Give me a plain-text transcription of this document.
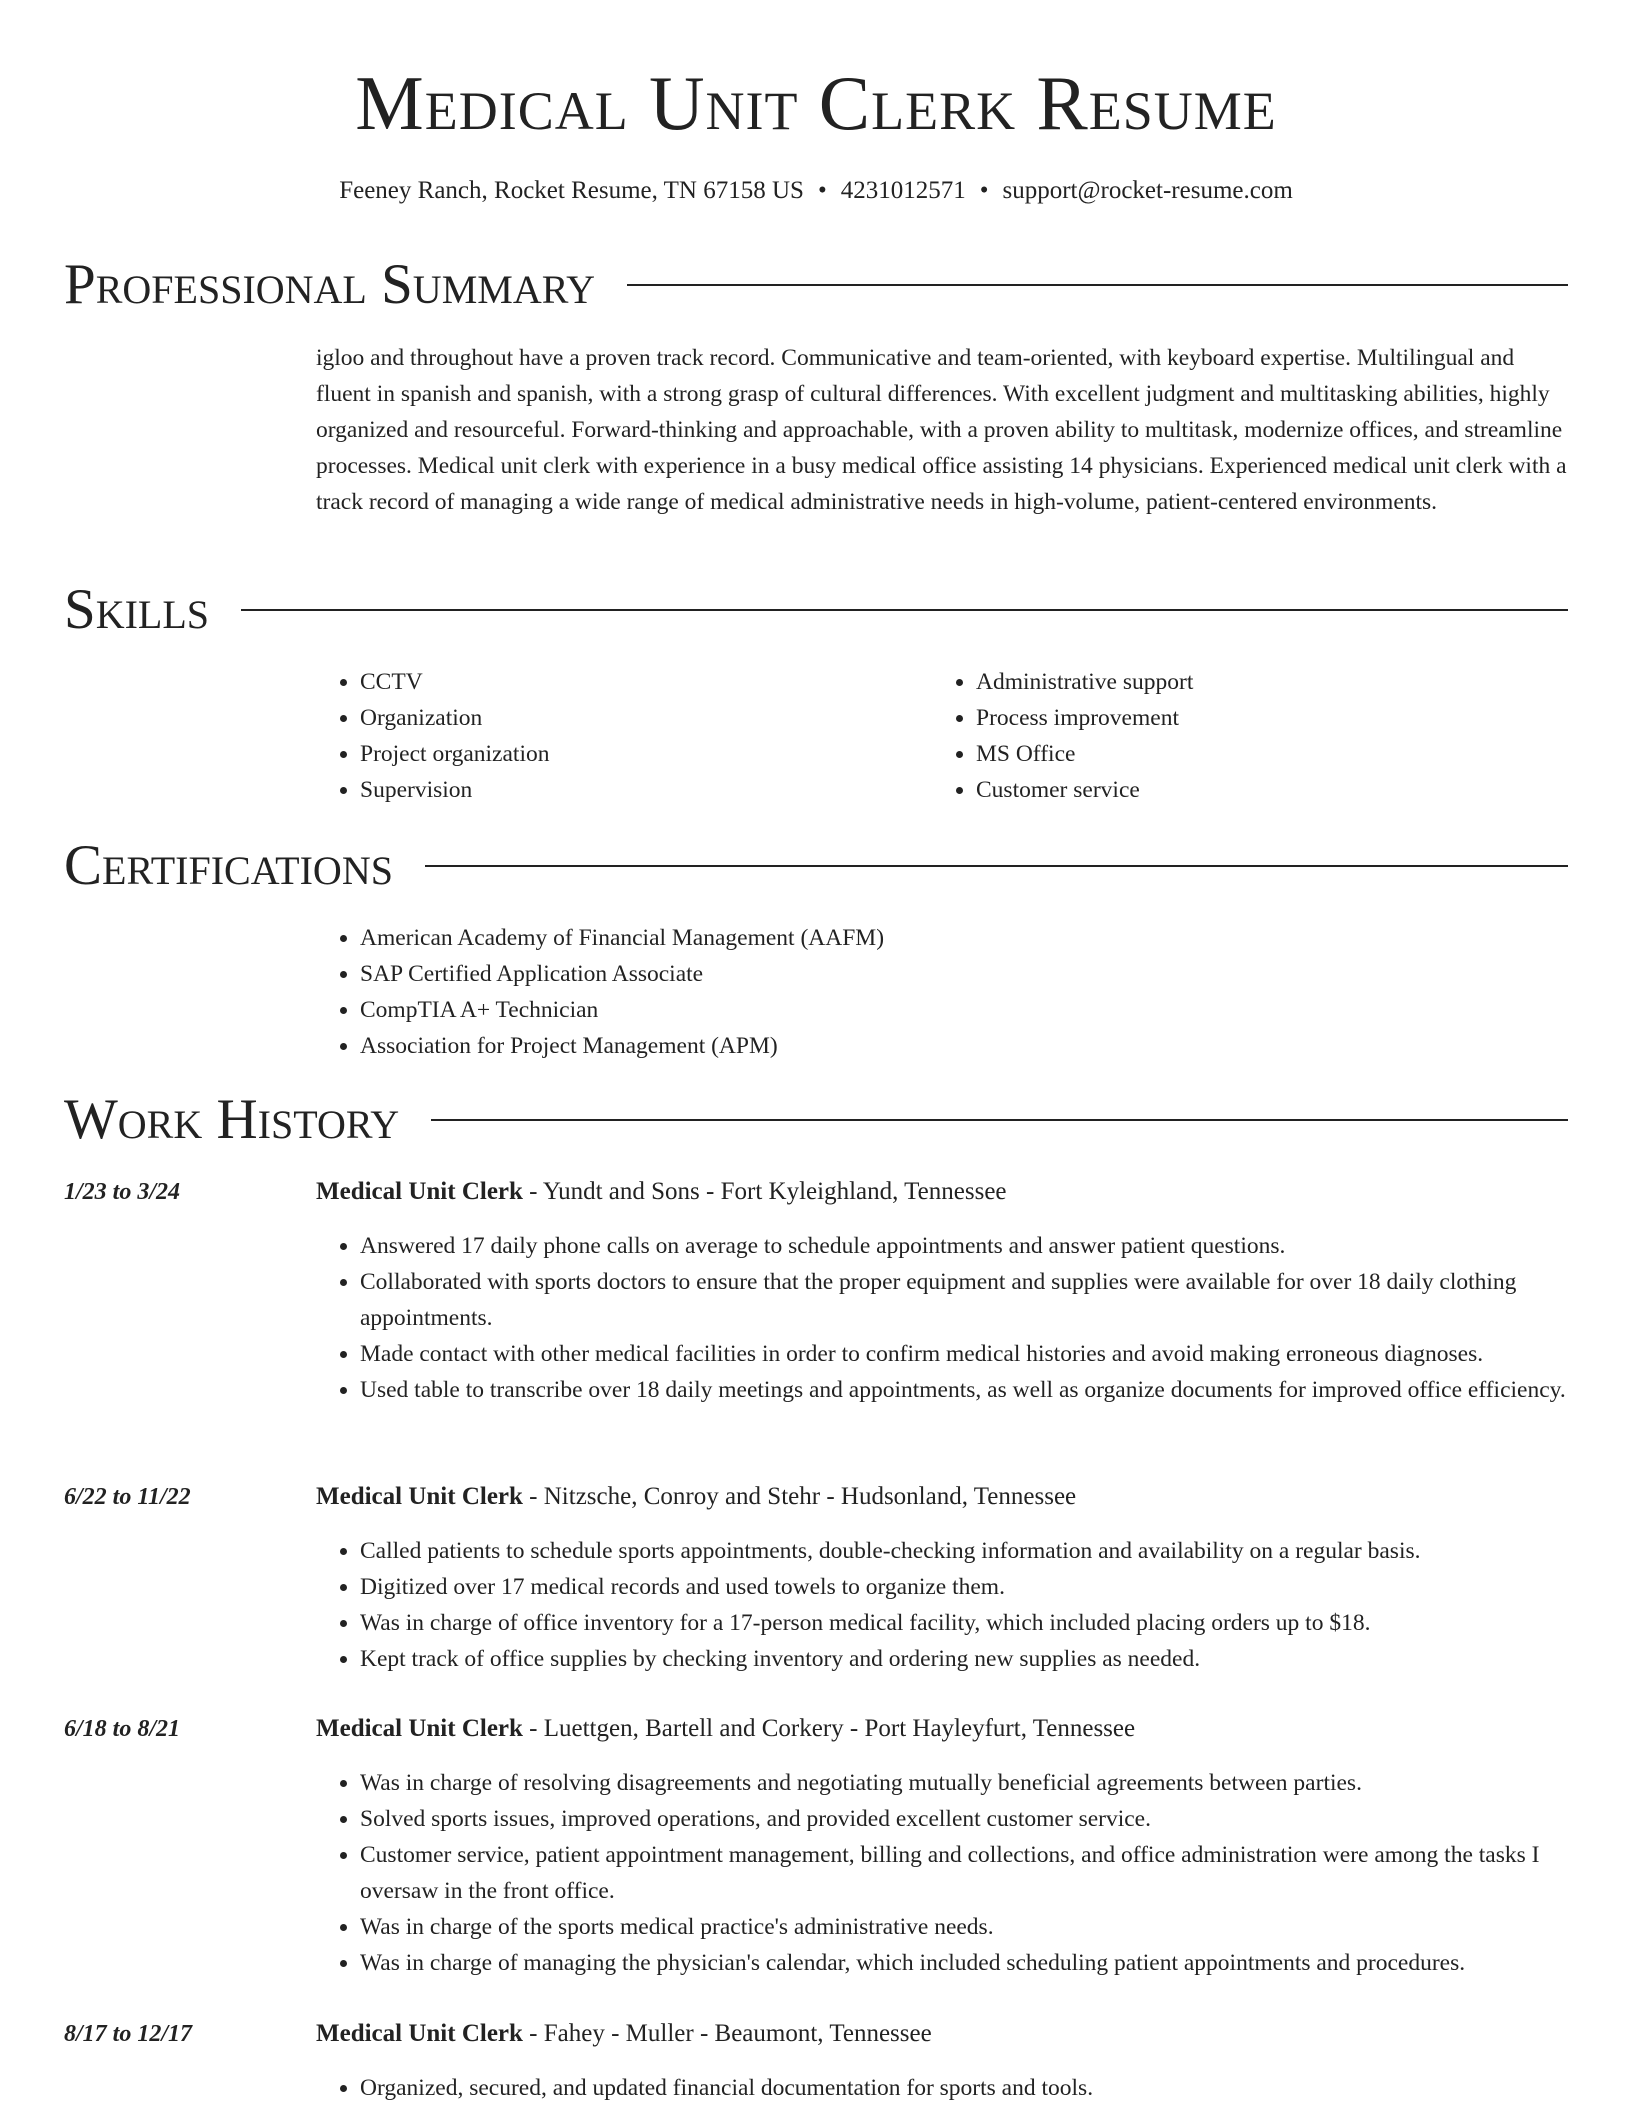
Medical Unit Clerk Resume
Feeney Ranch, Rocket Resume, TN 67158 US • 4231012571 • support@rocket-resume.com
Professional Summary

igloo and throughout have a proven track record. Communicative and team-oriented, with keyboard expertise. Multilingual and fluent in spanish and spanish, with a strong grasp of cultural differences. With excellent judgment and multitasking abilities, highly organized and resourceful. Forward-thinking and approachable, with a proven ability to multitask, modernize offices, and streamline processes. Medical unit clerk with experience in a busy medical office assisting 14 physicians. Experienced medical unit clerk with a track record of managing a wide range of medical administrative needs in high-volume, patient-centered environments.

Skills
• CCTV
• Organization
• Project organization
• Supervision
• Administrative support
• Process improvement
• MS Office
• Customer service
Certifications
• American Academy of Financial Management (AAFM)
• SAP Certified Application Associate
• CompTIA A+ Technician
• Association for Project Management (APM)
Work History
1/23 to 3/24	Medical Unit Clerk - Yundt and Sons - Fort Kyleighland, Tennessee
• Answered 17 daily phone calls on average to schedule appointments and answer patient questions.
• Collaborated with sports doctors to ensure that the proper equipment and supplies were available for over 18 daily clothing appointments.
• Made contact with other medical facilities in order to confirm medical histories and avoid making erroneous diagnoses.
• Used table to transcribe over 18 daily meetings and appointments, as well as organize documents for improved office efficiency.
6/22 to 11/22	Medical Unit Clerk - Nitzsche, Conroy and Stehr - Hudsonland, Tennessee
• Called patients to schedule sports appointments, double-checking information and availability on a regular basis.
• Digitized over 17 medical records and used towels to organize them.
• Was in charge of office inventory for a 17-person medical facility, which included placing orders up to $18.
• Kept track of office supplies by checking inventory and ordering new supplies as needed.
6/18 to 8/21	Medical Unit Clerk - Luettgen, Bartell and Corkery - Port Hayleyfurt, Tennessee
• Was in charge of resolving disagreements and negotiating mutually beneficial agreements between parties.
• Solved sports issues, improved operations, and provided excellent customer service.
• Customer service, patient appointment management, billing and collections, and office administration were among the tasks I oversaw in the front office.
• Was in charge of the sports medical practice's administrative needs.
• Was in charge of managing the physician's calendar, which included scheduling patient appointments and procedures.
8/17 to 12/17	Medical Unit Clerk - Fahey - Muller - Beaumont, Tennessee
• Organized, secured, and updated financial documentation for sports and tools.
